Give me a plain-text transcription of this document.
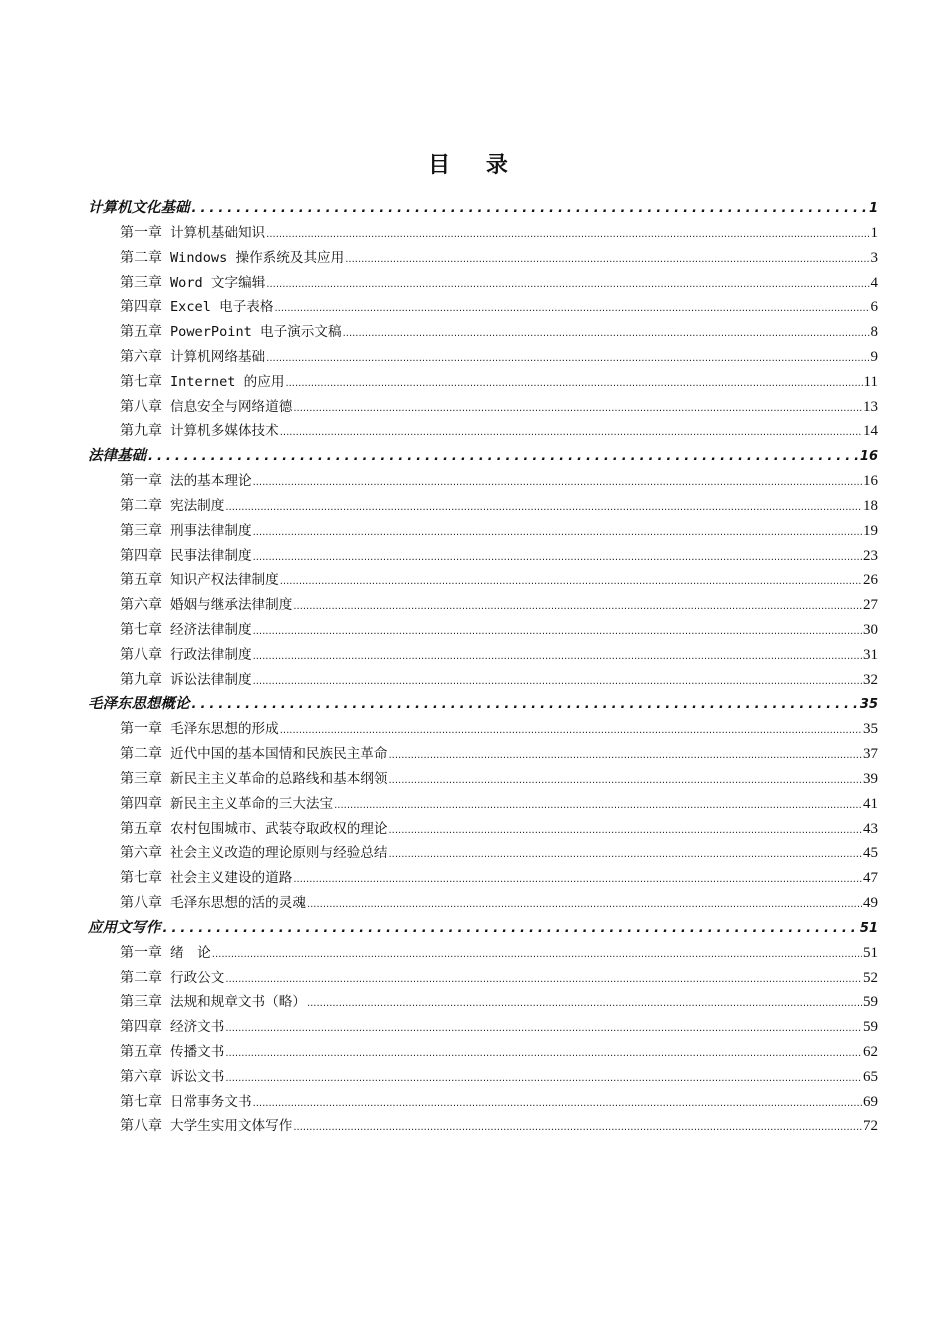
目 录
计算机文化基础 .....	1
第一章 计算机基础知识 .....	1
第二章 Windows 操作系统及其应用 .....	3
第三章 Word 文字编辑 .....	4
第四章 Excel 电子表格 .....	6
第五章 PowerPoint 电子演示文稿 .....	8
第六章 计算机网络基础 .....	9
第七章 Internet 的应用 .....	11
第八章 信息安全与网络道德 .....	13
第九章 计算机多媒体技术 .....	14
法律基础 .....	16
第一章 法的基本理论 .....	16
第二章 宪法制度 .....	18
第三章 刑事法律制度 .....	19
第四章 民事法律制度 .....	23
第五章 知识产权法律制度 .....	26
第六章 婚姻与继承法律制度 .....	27
第七章 经济法律制度 .....	30
第八章 行政法律制度 .....	31
第九章 诉讼法律制度 .....	32
毛泽东思想概论 .....	35
第一章 毛泽东思想的形成 .....	35
第二章 近代中国的基本国情和民族民主革命 .....	37
第三章 新民主主义革命的总路线和基本纲领 .....	39
第四章 新民主主义革命的三大法宝 .....	41
第五章 农村包围城市、武装夺取政权的理论 .....	43
第六章 社会主义改造的理论原则与经验总结 .....	45
第七章 社会主义建设的道路 .....	47
第八章 毛泽东思想的活的灵魂 .....	49
应用文写作 .....	51
第一章 绪　论 .....	51
第二章 行政公文 .....	52
第三章 法规和规章文书（略） .....	59
第四章 经济文书 .....	59
第五章 传播文书 .....	62
第六章 诉讼文书 .....	65
第七章 日常事务文书 .....	69
第八章 大学生实用文体写作 .....	72
